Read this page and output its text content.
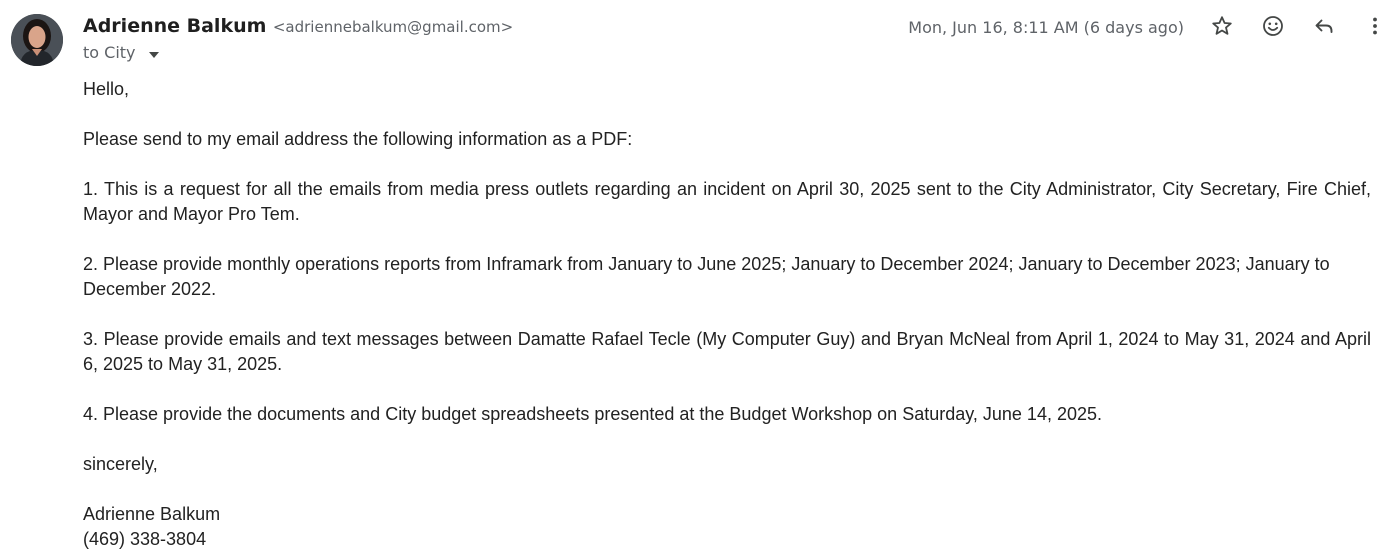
Adrienne Balkum <adriennebalkum@gmail.com>
to City
Mon, Jun 16, 8:11 AM (6 days ago)

Hello,

Please send to my email address the following information as a PDF:

1. This is a request for all the emails from media press outlets regarding an incident on April 30, 2025 sent to the City Administrator, City Secretary, Fire Chief, Mayor and Mayor Pro Tem.

2. Please provide monthly operations reports from Inframark from January to June 2025; January to December 2024; January to December 2023; January to December 2022.

3. Please provide emails and text messages between Damatte Rafael Tecle (My Computer Guy) and Bryan McNeal from April 1, 2024 to May 31, 2024 and April 6, 2025 to May 31, 2025.

4. Please provide the documents and City budget spreadsheets presented at the Budget Workshop on Saturday, June 14, 2025.

sincerely,

Adrienne Balkum

(469) 338-3804
